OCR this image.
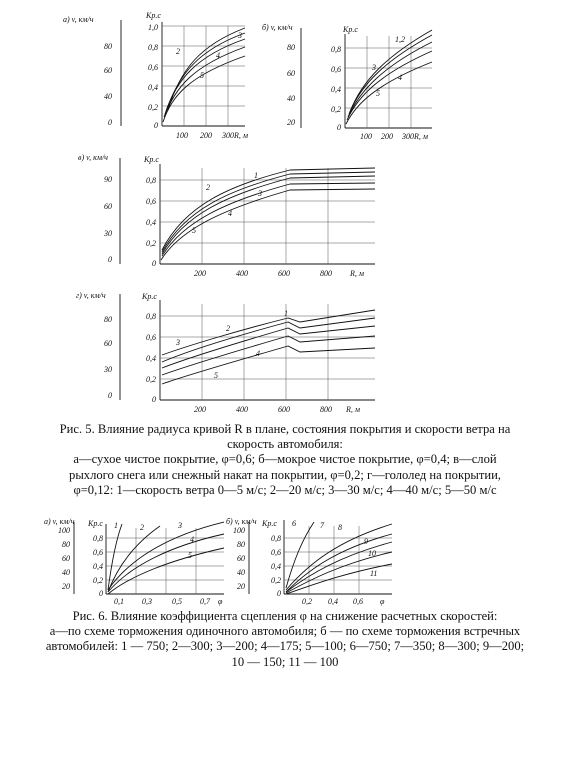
а) v, км/ч	Кр.с
80
60
40
0
1,0
0,8
0,6
0,4
0,2
0
100 200 300R, м
3
2	4
5
б) v, км/ч	Кр.с
80
60
40
20
0,8
0,6
0,4
0,2
0
100 200 300R, м
1,2
3
4
5
в) v, км/ч	Кр.с
90
60
30
0
0,8
0,6
0,4
0,2
0
200	400	600	800 R, м
1
2
3
4
5
г) v, км/ч	Кр.с
80
60
30
0
0,8
0,6
0,4
0,2
0
200	400	600	800 R, м
1
2
3
4
5
а) v, км/ч Кр.с
100
80
60
40
20
0,8
0,6
0,4
0,2
0
0,1 0,3	0,5 0,7 φ
1	2	3
4
5
б) v, км/ч Кр.с
100
80
60
40
20
0,8
0,6
0,4
0,2
0
0,2 0,4 0,6 φ
6	7 8
9
10
11

Рис. 5. Влияние радиуса кривой R в плане, состояния покрытия и скорости ветра на скорость автомобиля:

а—сухое чистое покрытие, φ=0,6; б—мокрое чистое покрытие, φ=0,4; в—слой рыхлого снега или снежный накат на покрытии, φ=0,2; г—гололед на покрытии, φ=0,12: 1—скорость ветра 0—5 м/с; 2—20 м/с; 3—30 м/с; 4—40 м/с; 5—50 м/с

Рис. 6. Влияние коэффициента сцепления φ на снижение расчетных скоростей:

а—по схеме торможения одиночного автомобиля; б — по схеме торможения встречных автомобилей: 1 — 750; 2—300; 3—200; 4—175; 5—100; 6—750; 7—350; 8—300; 9—200; 10 — 150; 11 — 100
